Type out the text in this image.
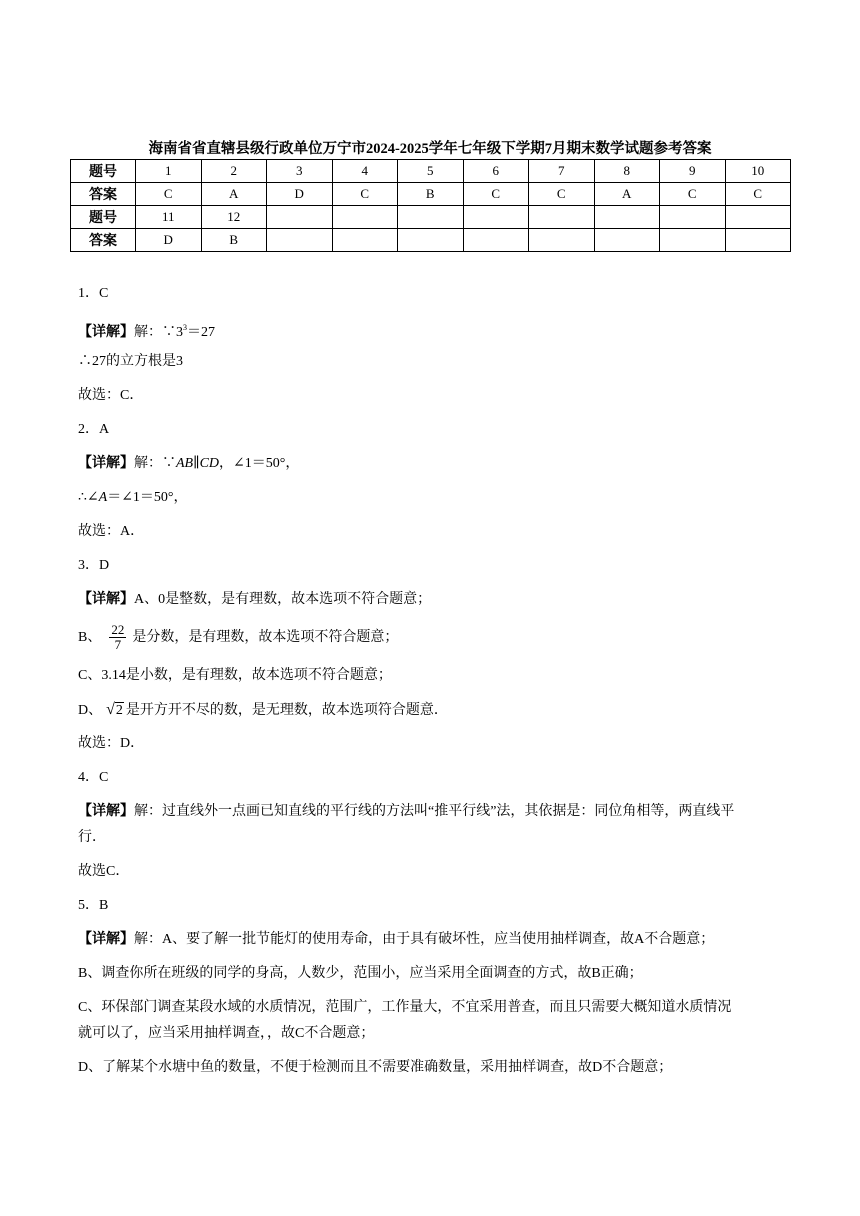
海南省省直辖县级行政单位万宁市2024-2025学年七年级下学期7月期末数学试题参考答案
题号	1	2	3	4	5	6	7	8	9	10
答案	C	A	D	C	B	C	C	A	C	C
题号	11	12								
答案	D	B								
1．C
【详解】解：$\because 3^3=27$
∴27的立方根是3
故选：C．
2．A
【详解】解：∵AB∥CD，∠1＝50°，
∴∠A＝∠1＝50°，
故选：A．
3．D
【详解】A、0是整数，是有理数，故本选项不符合题意；
B、 $\frac{22}{7}$ 是分数，是有理数，故本选项不符合题意；
C、3.14是小数，是有理数，故本选项不符合题意；
D、 √2 是开方开不尽的数，是无理数，故本选项符合题意．
故选：D．
4．C
【详解】解：过直线外一点画已知直线的平行线的方法叫“推平行线”法，其依据是：同位角相等，两直线平
行．
故选C．
5．B
【详解】解：A、要了解一批节能灯的使用寿命，由于具有破坏性，应当使用抽样调查，故A不合题意；
B、调查你所在班级的同学的身高，人数少，范围小，应当采用全面调查的方式，故B正确；
C、环保部门调查某段水域的水质情况，范围广，工作量大，不宜采用普查，而且只需要大概知道水质情况
就可以了，应当采用抽样调查，，故C不合题意；
D、了解某个水塘中鱼的数量，不便于检测而且不需要准确数量，采用抽样调查，故D不合题意；
